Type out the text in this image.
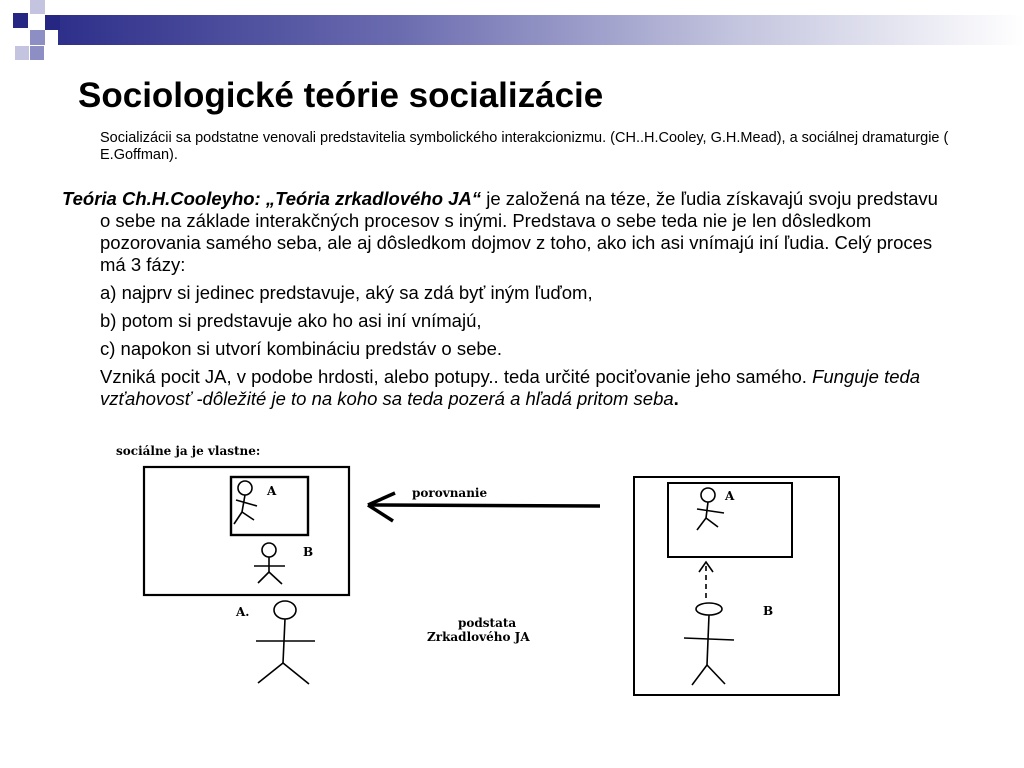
Sociologické teórie socializácie

Socializácii sa podstatne venovali predstavitelia symbolického interakcionizmu. (CH..H.Cooley, G.H.Mead), a sociálnej dramaturgie ( E.Goffman).

Teória Ch.H.Cooleyho: „Teória zrkadlového JA“ je založená na téze, že ľudia získavajú svoju predstavu o sebe na základe interakčných procesov s inými. Predstava o sebe teda nie je len dôsledkom pozorovania samého seba, ale aj dôsledkom dojmov z toho, ako ich asi vnímajú iní ľudia. Celý proces má 3 fázy:

a) najprv si jedinec predstavuje, aký sa zdá byť iným ľuďom,

b) potom si predstavuje ako ho asi iní vnímajú,

c) napokon si utvorí kombináciu predstáv o sebe.

Vzniká pocit JA, v podobe hrdosti, alebo potupy.. teda určité pociťovanie jeho samého. Funguje teda vzťahovosť -dôležité je to na koho sa teda pozerá a hľadá pritom seba.

sociálne ja je vlastne:

A

B

A.

porovnanie

podstata

Zrkadlového JA

A

B
